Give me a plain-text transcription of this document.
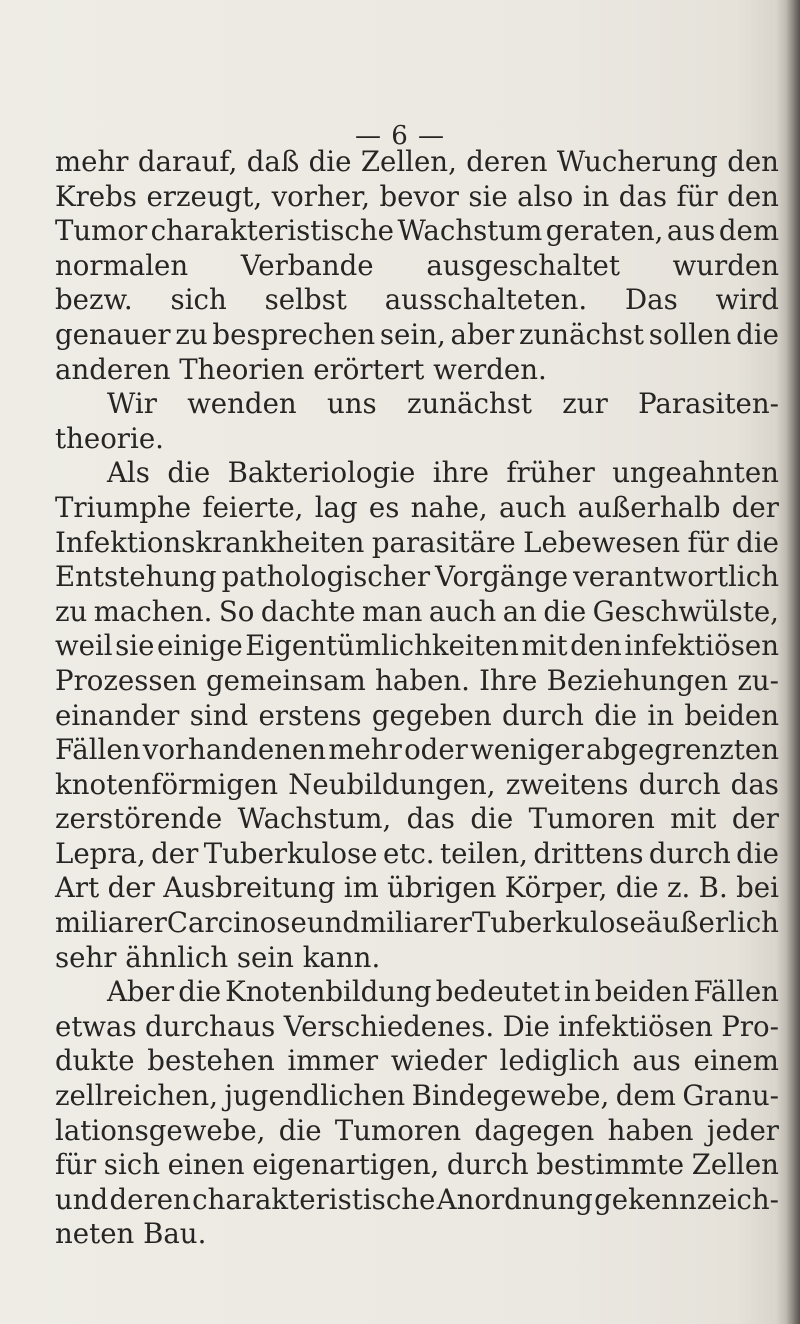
— 6 —
mehr darauf, daß die Zellen, deren Wucherung den
Krebs erzeugt, vorher, bevor sie also in das für den
Tumor charakteristische Wachstum geraten, aus dem
normalen Verbande ausgeschaltet wurden
bezw. sich selbst ausschalteten. Das wird
genauer zu besprechen sein, aber zunächst sollen die
anderen Theorien erörtert werden.
Wir wenden uns zunächst zur Parasiten-
theorie.
Als die Bakteriologie ihre früher ungeahnten
Triumphe feierte, lag es nahe, auch außerhalb der
Infektionskrankheiten parasitäre Lebewesen für die
Entstehung pathologischer Vorgänge verantwortlich
zu machen. So dachte man auch an die Geschwülste,
weil sie einige Eigentümlichkeiten mit den infektiösen
Prozessen gemeinsam haben. Ihre Beziehungen zu-
einander sind erstens gegeben durch die in beiden
Fällen vorhandenen mehr oder weniger abgegrenzten
knotenförmigen Neubildungen, zweitens durch das
zerstörende Wachstum, das die Tumoren mit der
Lepra, der Tuberkulose etc. teilen, drittens durch die
Art der Ausbreitung im übrigen Körper, die z. B. bei
miliarer Carcinose und miliarer Tuberkulose äußerlich
sehr ähnlich sein kann.
Aber die Knotenbildung bedeutet in beiden Fällen
etwas durchaus Verschiedenes. Die infektiösen Pro-
dukte bestehen immer wieder lediglich aus einem
zellreichen, jugendlichen Bindegewebe, dem Granu-
lationsgewebe, die Tumoren dagegen haben jeder
für sich einen eigenartigen, durch bestimmte Zellen
und deren charakteristische Anordnung gekennzeich-
neten Bau.
